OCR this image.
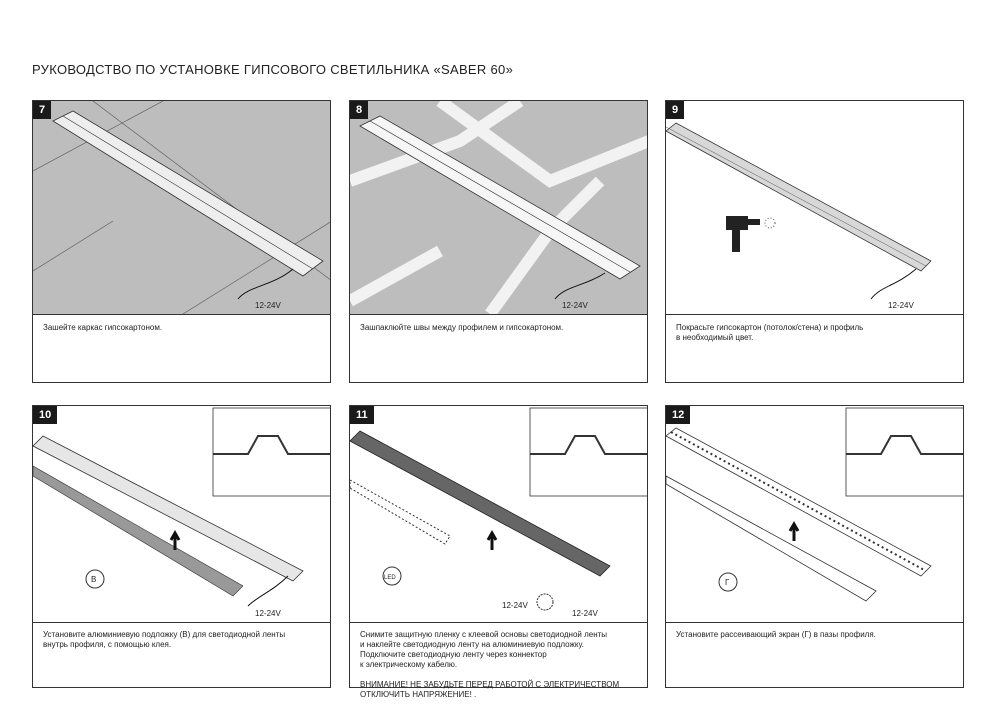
РУКОВОДСТВО ПО УСТАНОВКЕ ГИПСОВОГО СВЕТИЛЬНИКА «SABER 60»
12-24V
7
Зашейте каркас гипсокартоном.
12-24V
8
Зашпаклюйте швы между профилем и гипсокартоном.
12-24V
9
Покрасьте гипсокартон (потолок/стена) и профиль
в необходимый цвет.
В
12-24V
10
Установите алюминиевую подложку (В) для светодиодной ленты
внутрь профиля, с помощью клея.
LED
12-24V
12-24V
11
Снимите защитную пленку с клеевой основы светодиодной ленты
и наклейте светодиодную ленту на алюминиевую подложку.
Подключите светодиодную ленту через коннектор
к электрическому кабелю.
ВНИМАНИЕ! НЕ ЗАБУДЬТЕ ПЕРЕД РАБОТОЙ С ЭЛЕКТРИЧЕСТВОМ
ОТКЛЮЧИТЬ НАПРЯЖЕНИЕ! .
Г
12
Установите рассеивающий экран (Г) в пазы профиля.
